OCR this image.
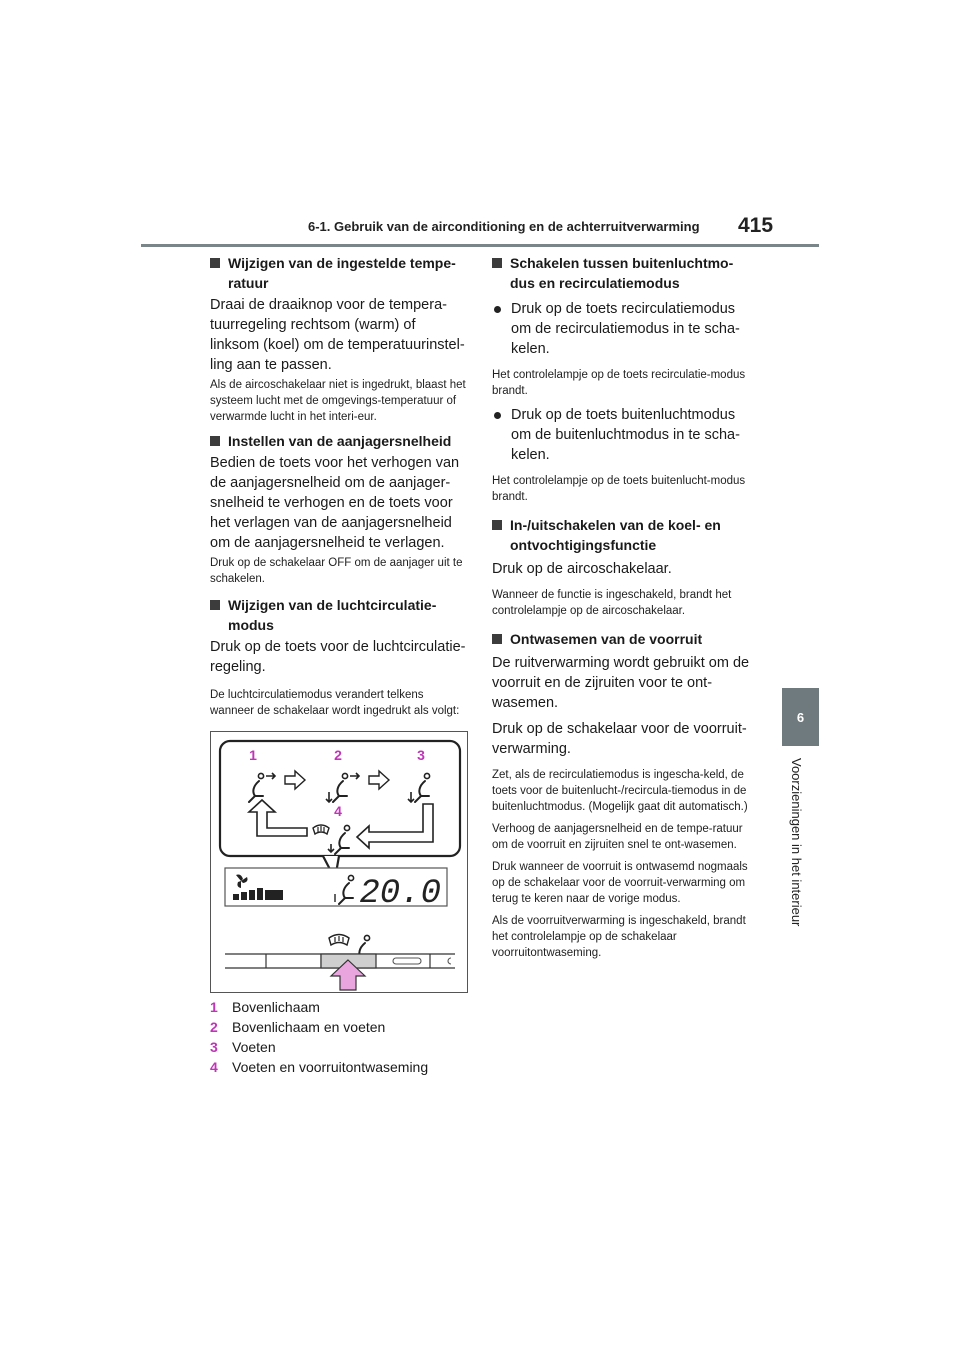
6-1. Gebruik van de airconditioning en de achterruitverwarming 415
6
Voorzieningen in het interieur
Wijzigen van de ingestelde tempe-ratuur
Draai de draaiknop voor de tempera-tuurregeling rechtsom (warm) of linksom (koel) om de temperatuurinstel-ling aan te passen.
Als de aircoschakelaar niet is ingedrukt, blaast het systeem lucht met de omgevings-temperatuur of verwarmde lucht in het interi-eur.
Instellen van de aanjagersnelheid
Bedien de toets voor het verhogen van de aanjagersnelheid om de aanjager-snelheid te verhogen en de toets voor het verlagen van de aanjagersnelheid om de aanjagersnelheid te verlagen.
Druk op de schakelaar OFF om de aanjager uit te schakelen.
Wijzigen van de luchtcirculatie-modus
Druk op de toets voor de luchtcirculatie-regeling.
De luchtcirculatiemodus verandert telkens wanneer de schakelaar wordt ingedrukt als volgt:
1	2	3
4
20.0
1	Bovenlichaam
2	Bovenlichaam en voeten
3	Voeten
4	Voeten en voorruitontwaseming
Schakelen tussen buitenluchtmo-dus en recirculatiemodus
Druk op de toets recirculatiemodus om de recirculatiemodus in te scha-kelen.
Het controlelampje op de toets recirculatie-modus brandt.
Druk op de toets buitenluchtmodus om de buitenluchtmodus in te scha-kelen.
Het controlelampje op de toets buitenlucht-modus brandt.
In-/uitschakelen van de koel- en ontvochtigingsfunctie
Druk op de aircoschakelaar.
Wanneer de functie is ingeschakeld, brandt het controlelampje op de aircoschakelaar.
Ontwasemen van de voorruit
De ruitverwarming wordt gebruikt om de voorruit en de zijruiten voor te ont-wasemen.
Druk op de schakelaar voor de voorruit-verwarming.
Zet, als de recirculatiemodus is ingescha-keld, de toets voor de buitenlucht-/recircula-tiemodus in de buitenluchtmodus. (Mogelijk gaat dit automatisch.)
Verhoog de aanjagersnelheid en de tempe-ratuur om de voorruit en zijruiten snel te ont-wasemen.
Druk wanneer de voorruit is ontwasemd nogmaals op de schakelaar voor de voorruit-verwarming om terug te keren naar de vorige modus.
Als de voorruitverwarming is ingeschakeld, brandt het controlelampje op de schakelaar voorruitontwaseming.
